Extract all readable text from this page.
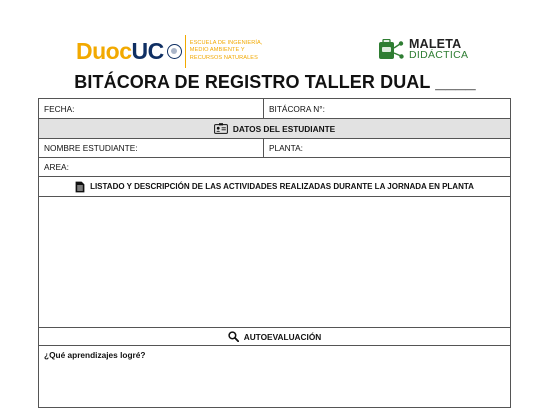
DuocUC	ESCUELA DE INGENIERÍA,
MEDIO AMBIENTE Y
RECURSOS NATURALES
MALETA
DIDÁCTICA
BITÁCORA DE REGISTRO TALLER DUAL ____
FECHA:	BITÁCORA N°:
DATOS DEL ESTUDIANTE
NOMBRE ESTUDIANTE:	PLANTA:
AREA:
LISTADO Y DESCRIPCIÓN DE LAS ACTIVIDADES REALIZADAS DURANTE LA JORNADA EN PLANTA
AUTOEVALUACIÓN
¿Qué aprendizajes logré?
